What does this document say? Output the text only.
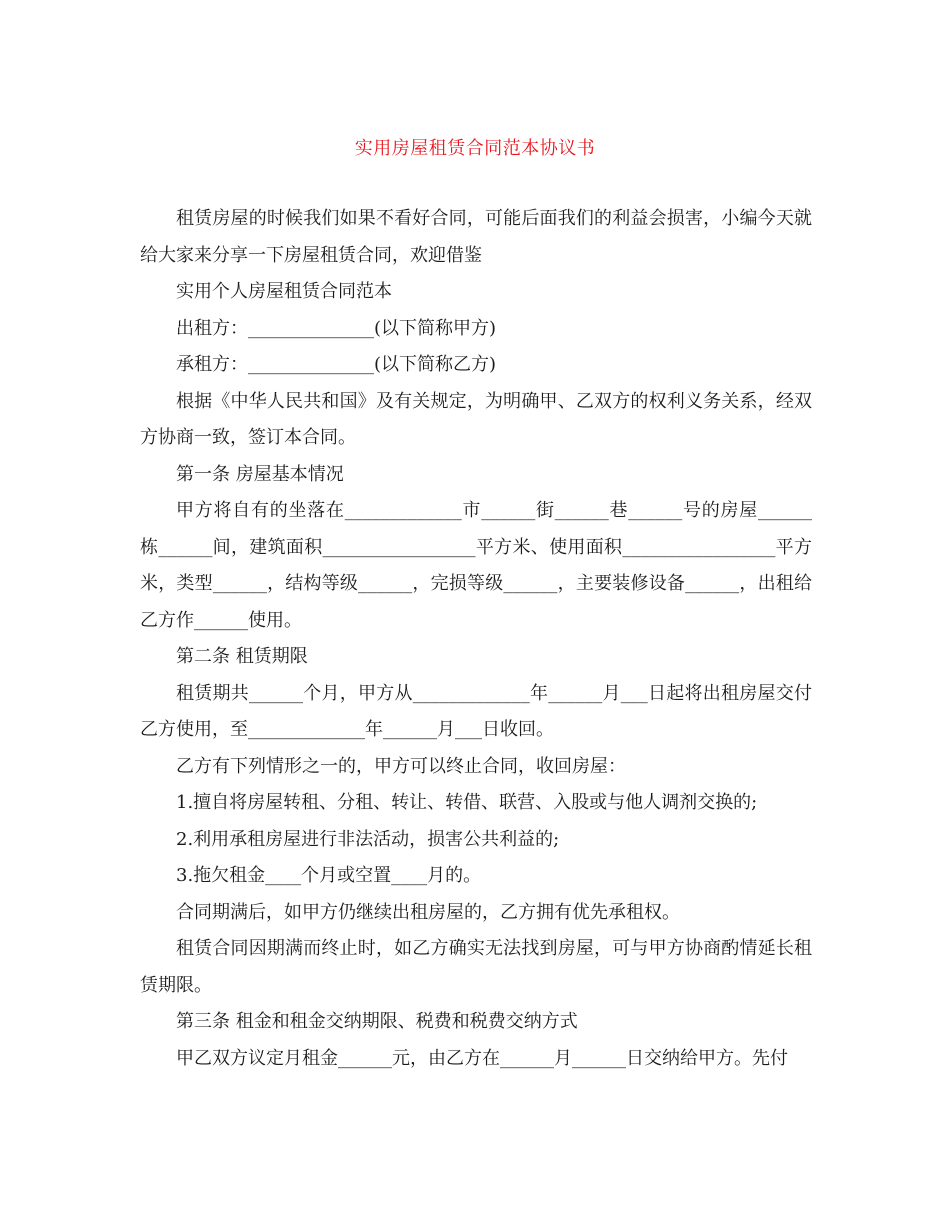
实用房屋租赁合同范本协议书

租赁房屋的时候我们如果不看好合同，可能后面我们的利益会损害，小编今天就给大家来分享一下房屋租赁合同，欢迎借鉴

实用个人房屋租赁合同范本

出租方：______________(以下简称甲方)

承租方：______________(以下简称乙方)

根据《中华人民共和国》及有关规定，为明确甲、乙双方的权利义务关系，经双方协商一致，签订本合同。

第一条 房屋基本情况

甲方将自有的坐落在_____________市______街______巷______号的房屋______栋______间，建筑面积_________________平方米、使用面积_________________平方米，类型______，结构等级______，完损等级______，主要装修设备______，出租给乙方作______使用。

第二条 租赁期限

租赁期共______个月，甲方从_____________年______月___日起将出租房屋交付乙方使用，至_____________年______月___日收回。

乙方有下列情形之一的，甲方可以终止合同，收回房屋：

1.擅自将房屋转租、分租、转让、转借、联营、入股或与他人调剂交换的;

2.利用承租房屋进行非法活动，损害公共利益的;

3.拖欠租金____个月或空置____月的。

合同期满后，如甲方仍继续出租房屋的，乙方拥有优先承租权。

租赁合同因期满而终止时，如乙方确实无法找到房屋，可与甲方协商酌情延长租赁期限。

第三条 租金和租金交纳期限、税费和税费交纳方式

甲乙双方议定月租金______元，由乙方在______月______日交纳给甲方。先付
